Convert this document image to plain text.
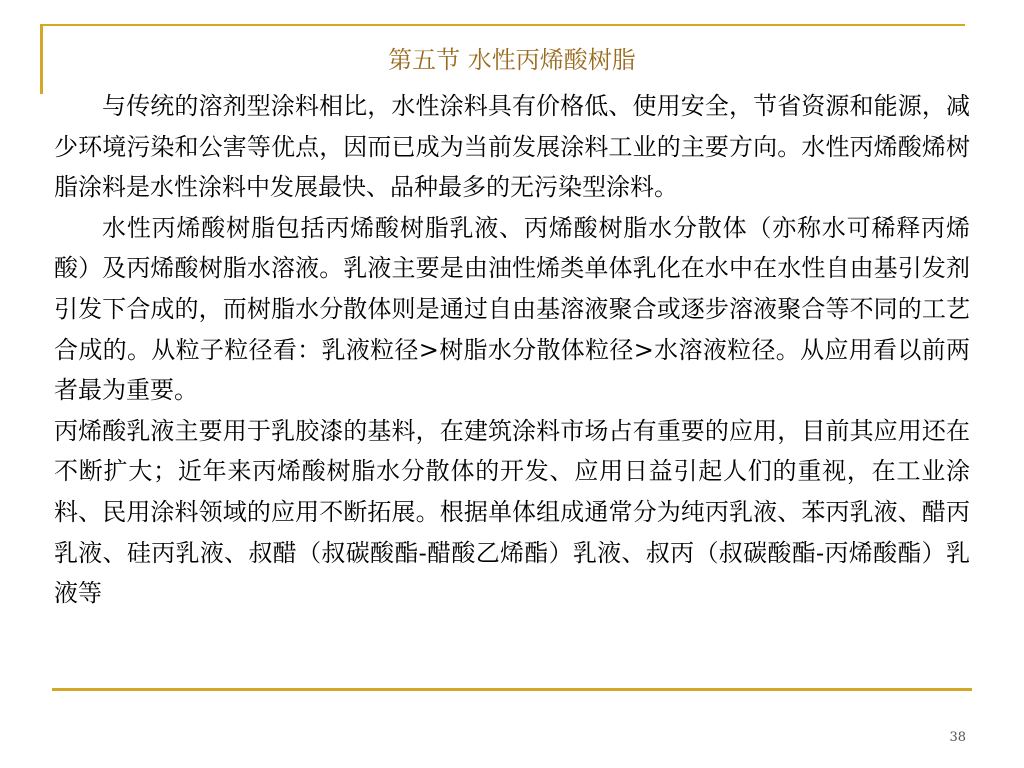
第五节 水性丙烯酸树脂

与传统的溶剂型涂料相比，水性涂料具有价格低、使用安全，节省资源和能源，减少环境污染和公害等优点，因而已成为当前发展涂料工业的主要方向。水性丙烯酸烯树脂涂料是水性涂料中发展最快、品种最多的无污染型涂料。

水性丙烯酸树脂包括丙烯酸树脂乳液、丙烯酸树脂水分散体（亦称水可稀释丙烯酸）及丙烯酸树脂水溶液。乳液主要是由油性烯类单体乳化在水中在水性自由基引发剂引发下合成的，而树脂水分散体则是通过自由基溶液聚合或逐步溶液聚合等不同的工艺合成的。从粒子粒径看：乳液粒径>树脂水分散体粒径>水溶液粒径。从应用看以前两者最为重要。

丙烯酸乳液主要用于乳胶漆的基料，在建筑涂料市场占有重要的应用，目前其应用还在不断扩大；近年来丙烯酸树脂水分散体的开发、应用日益引起人们的重视，在工业涂料、民用涂料领域的应用不断拓展。根据单体组成通常分为纯丙乳液、苯丙乳液、醋丙乳液、硅丙乳液、叔醋（叔碳酸酯-醋酸乙烯酯）乳液、叔丙（叔碳酸酯-丙烯酸酯）乳液等

38
